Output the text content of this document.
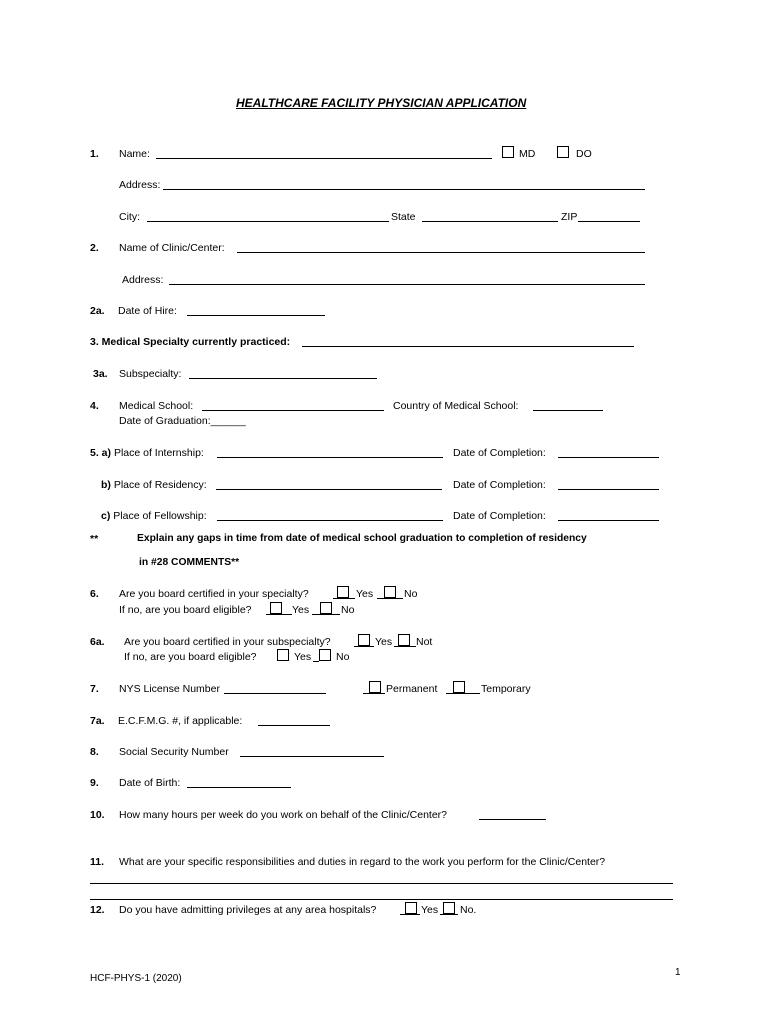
HEALTHCARE FACILITY PHYSICIAN APPLICATION
1. Name:	MD	DO
Address:
City:	State	ZIP
2. Name of Clinic/Center:
Address:
2a. Date of Hire:
3. Medical Specialty currently practiced:
3a. Subspecialty:
4. Medical School:	Country of Medical School:
Date of Graduation:______
5. a) Place of Internship:	Date of Completion:
b) Place of Residency:	Date of Completion:
c) Place of Fellowship:	Date of Completion:
**	Explain any gaps in time from date of medical school graduation to completion of residency
in #28 COMMENTS**
6. Are you board certified in your specialty?	Yes	No
If no, are you board eligible?	Yes	No
6a. Are you board certified in your subspecialty?	Yes Not
If no, are you board eligible?	Yes No
7. NYS License Number	Permanent	Temporary
7a. E.C.F.M.G. #, if applicable:
8. Social Security Number
9. Date of Birth:
10. How many hours per week do you work on behalf of the Clinic/Center?
11. What are your specific responsibilities and duties in regard to the work you perform for the Clinic/Center?
12. Do you have admitting privileges at any area hospitals?	Yes No.
HCF-PHYS-1 (2020)
1
